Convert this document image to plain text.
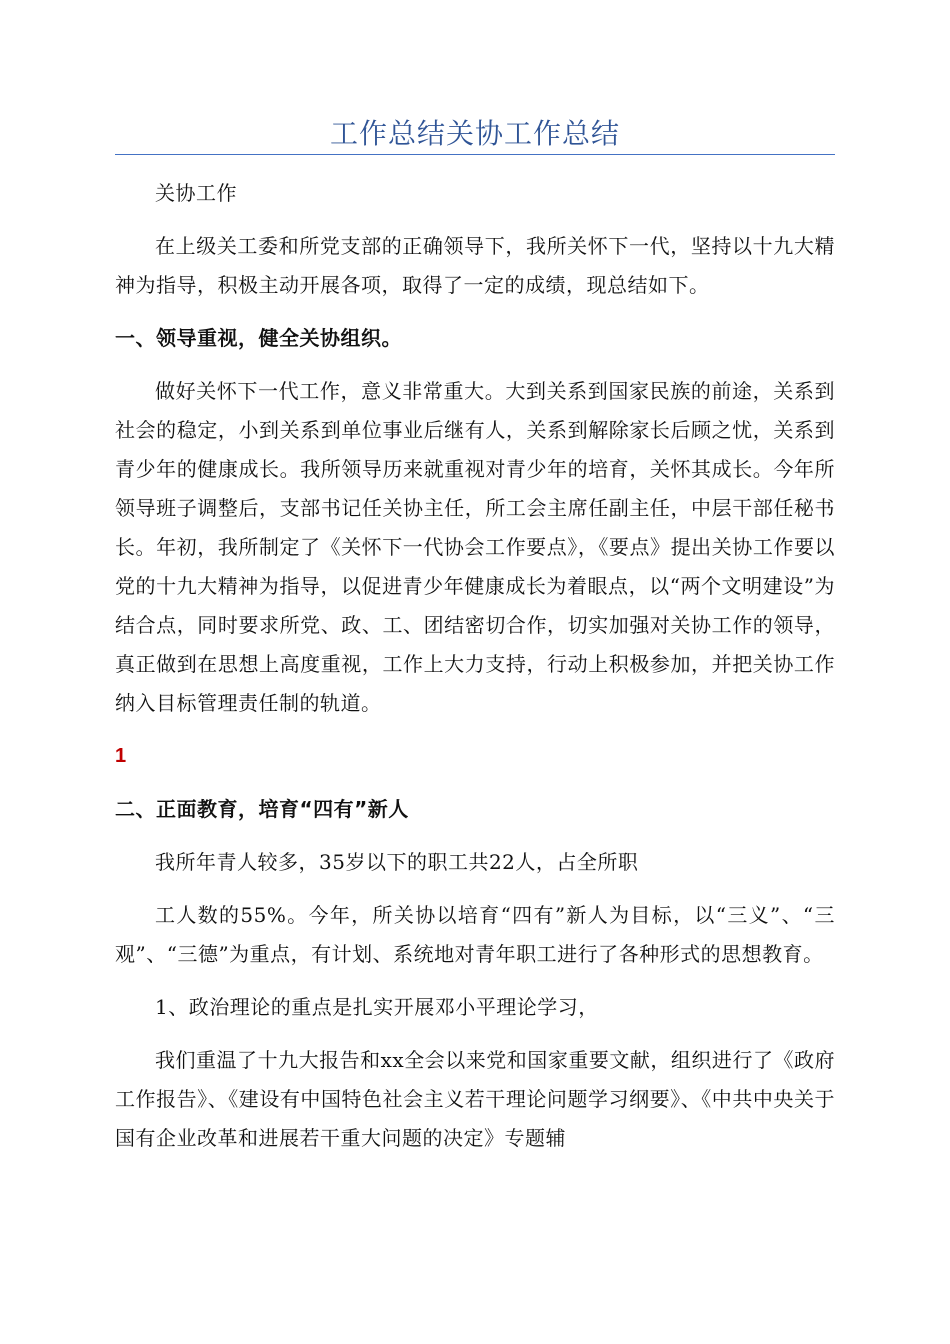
工作总结关协工作总结

关协工作

在上级关工委和所党支部的正确领导下，我所关怀下一代，坚持以十九大精神为指导，积极主动开展各项，取得了一定的成绩，现总结如下。

一、领导重视，健全关协组织。

做好关怀下一代工作，意义非常重大。大到关系到国家民族的前途，关系到社会的稳定，小到关系到单位事业后继有人，关系到解除家长后顾之忧，关系到青少年的健康成长。我所领导历来就重视对青少年的培育，关怀其成长。今年所领导班子调整后，支部书记任关协主任，所工会主席任副主任，中层干部任秘书长。年初，我所制定了《关怀下一代协会工作要点》，《要点》提出关协工作要以党的十九大精神为指导，以促进青少年健康成长为着眼点，以“两个文明建设”为结合点，同时要求所党、政、工、团结密切合作，切实加强对关协工作的领导，真正做到在思想上高度重视，工作上大力支持，行动上积极参加，并把关协工作纳入目标管理责任制的轨道。

1

二、正面教育，培育“四有”新人

我所年青人较多，35岁以下的职工共22人，占全所职

工人数的55%。今年，所关协以培育“四有”新人为目标，以“三义”、“三观”、“三德”为重点，有计划、系统地对青年职工进行了各种形式的思想教育。

1、政治理论的重点是扎实开展邓小平理论学习，

我们重温了十九大报告和xx全会以来党和国家重要文献，组织进行了《政府工作报告》、《建设有中国特色社会主义若干理论问题学习纲要》、《中共中央关于国有企业改革和进展若干重大问题的决定》专题辅
